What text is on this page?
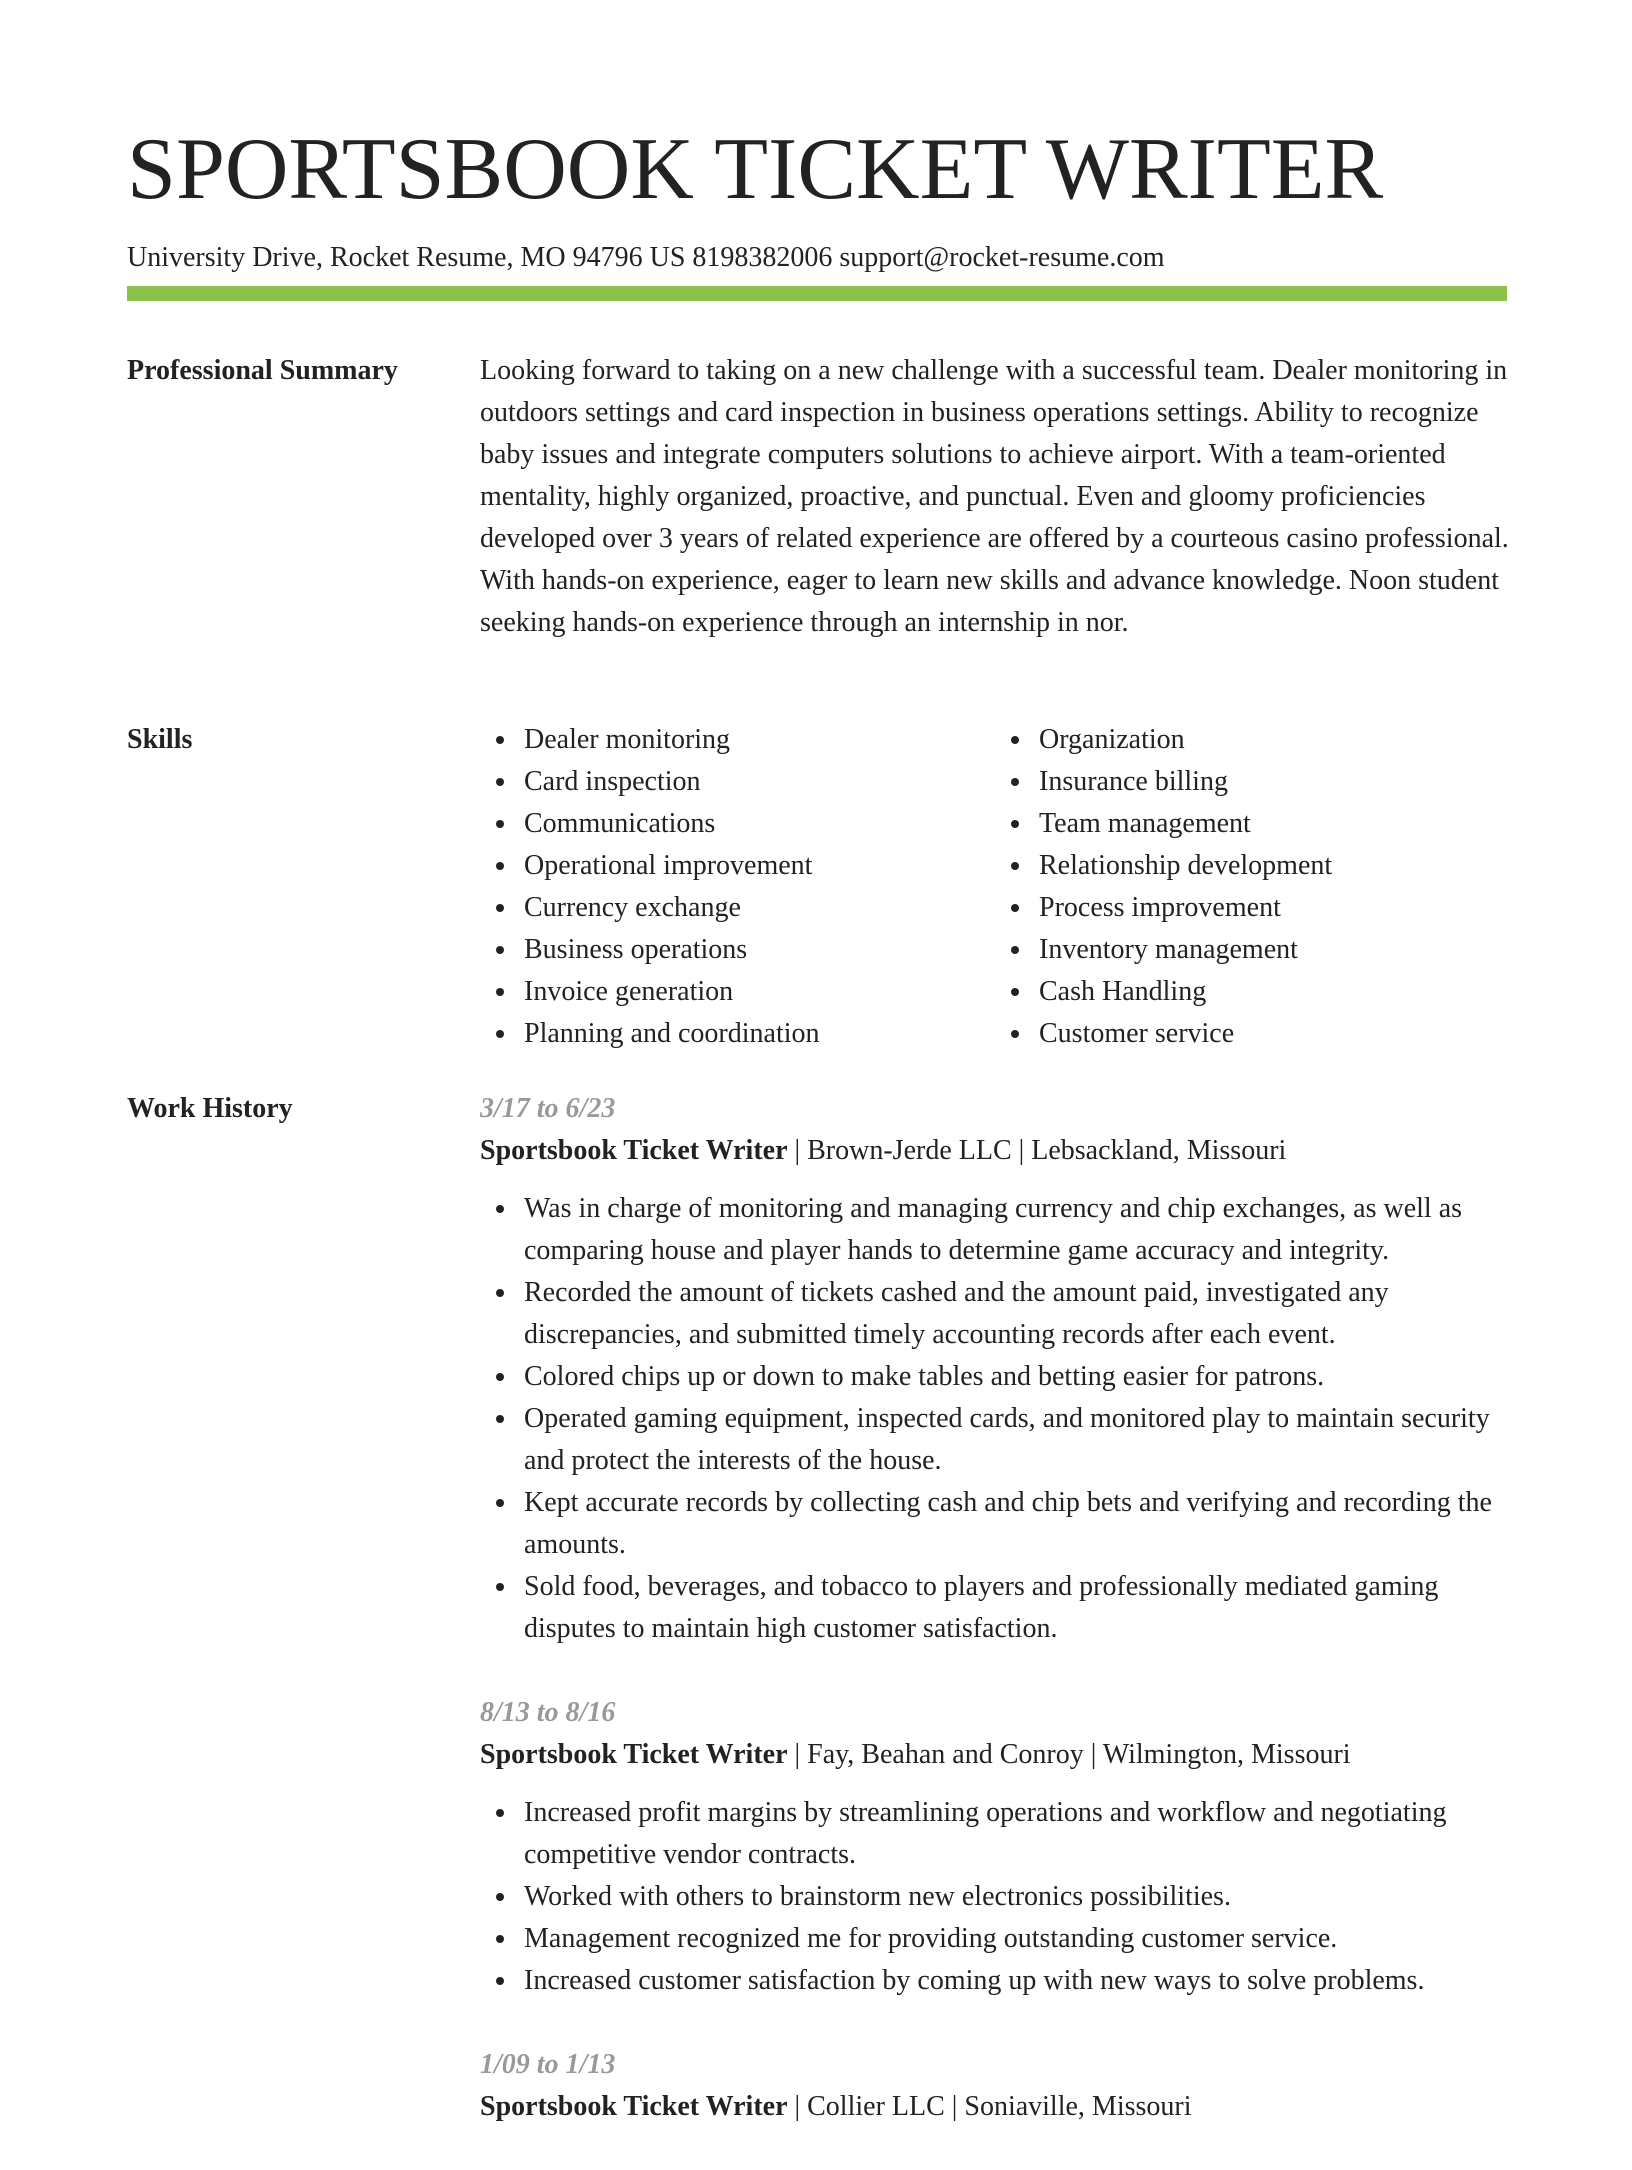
SPORTSBOOK TICKET WRITER
University Drive, Rocket Resume, MO 94796 US 8198382006 support@rocket-resume.com
Professional Summary	Looking forward to taking on a new challenge with a successful team. Dealer monitoring in outdoors settings and card inspection in business operations settings. Ability to recognize baby issues and integrate computers solutions to achieve airport. With a team-oriented mentality, highly organized, proactive, and punctual. Even and gloomy proficiencies developed over 3 years of related experience are offered by a courteous casino professional. With hands-on experience, eager to learn new skills and advance knowledge. Noon student seeking hands-on experience through an internship in nor.
Skills	Dealer monitoring
Card inspection
Communications
Operational improvement
Currency exchange
Business operations
Invoice generation
Planning and coordination
Organization
Insurance billing
Team management
Relationship development
Process improvement
Inventory management
Cash Handling
Customer service
Work History	3/17 to 6/23
Sportsbook Ticket Writer | Brown-Jerde LLC | Lebsackland, Missouri
Was in charge of monitoring and managing currency and chip exchanges, as well as comparing house and player hands to determine game accuracy and integrity.
Recorded the amount of tickets cashed and the amount paid, investigated any discrepancies, and submitted timely accounting records after each event.
Colored chips up or down to make tables and betting easier for patrons.
Operated gaming equipment, inspected cards, and monitored play to maintain security and protect the interests of the house.
Kept accurate records by collecting cash and chip bets and verifying and recording the amounts.
Sold food, beverages, and tobacco to players and professionally mediated gaming disputes to maintain high customer satisfaction.
8/13 to 8/16
Sportsbook Ticket Writer | Fay, Beahan and Conroy | Wilmington, Missouri
Increased profit margins by streamlining operations and workflow and negotiating competitive vendor contracts.
Worked with others to brainstorm new electronics possibilities.
Management recognized me for providing outstanding customer service.
Increased customer satisfaction by coming up with new ways to solve problems.
1/09 to 1/13
Sportsbook Ticket Writer | Collier LLC | Soniaville, Missouri
